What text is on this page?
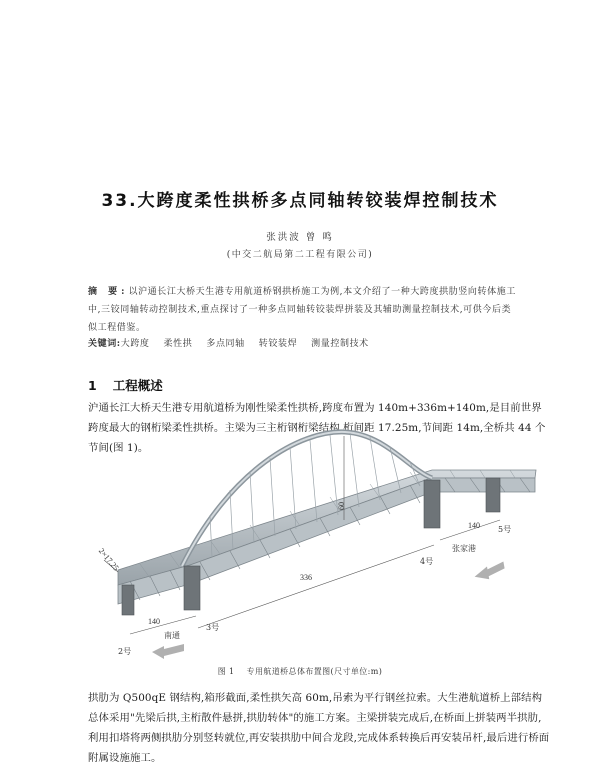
33.大跨度柔性拱桥多点同轴转铰装焊控制技术
张洪波 曾 鸣
(中交二航局第二工程有限公司)
摘 要:以沪通长江大桥天生港专用航道桥钢拱桥施工为例,本文介绍了一种大跨度拱肋竖向转体施工中,三铰同轴转动控制技术,重点探讨了一种多点同轴转铰装焊拼装及其辅助测量控制技术,可供今后类似工程借鉴。
关键词:大跨度 柔性拱 多点同轴 转铰装焊 测量控制技术
1 工程概述
沪通长江大桥天生港专用航道桥为刚性梁柔性拱桥,跨度布置为 140m+336m+140m,是目前世界跨度最大的钢桁梁柔性拱桥。主梁为三主桁钢桁梁结构,桁间距 17.25m,节间距 14m,全桥共 44 个节间(图 1)。
2×17.25
140
336
140
60
2号
3号
4号
5号
南通
张家港
图 1 专用航道桥总体布置图(尺寸单位:m)
拱肋为 Q500qE 钢结构,箱形截面,柔性拱矢高 60m,吊索为平行钢丝拉索。大生港航道桥上部结构总体采用"先梁后拱,主桁散件悬拼,拱肋转体"的施工方案。主梁拼装完成后,在桥面上拼装两半拱肋,利用扣塔将两侧拱肋分别竖转就位,再安装拱肋中间合龙段,完成体系转换后再安装吊杆,最后进行桥面附属设施施工。
